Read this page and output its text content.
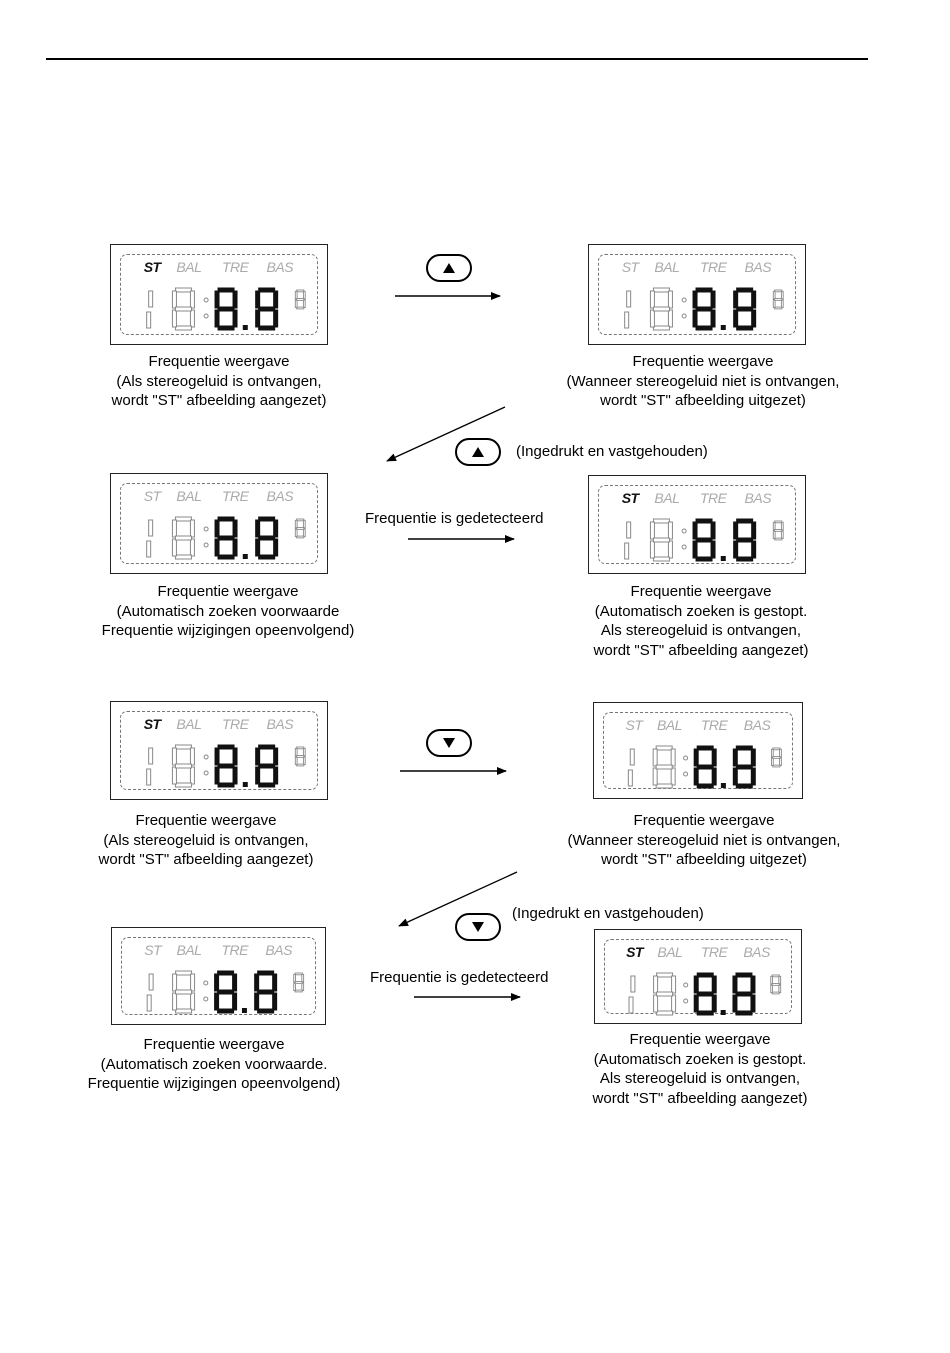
ST BAL TRE BAS	ST BAL TRE BAS
ST BAL TRE BAS	ST BAL TRE BAS
(Ingedrukt en vastgehouden)
Frequentie is gedetecteerd
Frequentie weergave
(Als stereogeluid is ontvangen,
wordt "ST" afbeelding aangezet)
Frequentie weergave
(Wanneer stereogeluid niet is ontvangen,
wordt "ST" afbeelding uitgezet)
Frequentie weergave
(Automatisch zoeken voorwaarde
Frequentie wijzigingen opeenvolgend)
Frequentie weergave
(Automatisch zoeken is gestopt.
Als stereogeluid is ontvangen,
wordt "ST" afbeelding aangezet)
ST BAL TRE BAS	ST BAL TRE BAS
ST BAL TRE BAS	ST BAL TRE BAS
(Ingedrukt en vastgehouden)
Frequentie is gedetecteerd
Frequentie weergave
(Als stereogeluid is ontvangen,
wordt "ST" afbeelding aangezet)
Frequentie weergave
(Wanneer stereogeluid niet is ontvangen,
wordt "ST" afbeelding uitgezet)
Frequentie weergave
(Automatisch zoeken voorwaarde.
Frequentie wijzigingen opeenvolgend)
Frequentie weergave
(Automatisch zoeken is gestopt.
Als stereogeluid is ontvangen,
wordt "ST" afbeelding aangezet)
